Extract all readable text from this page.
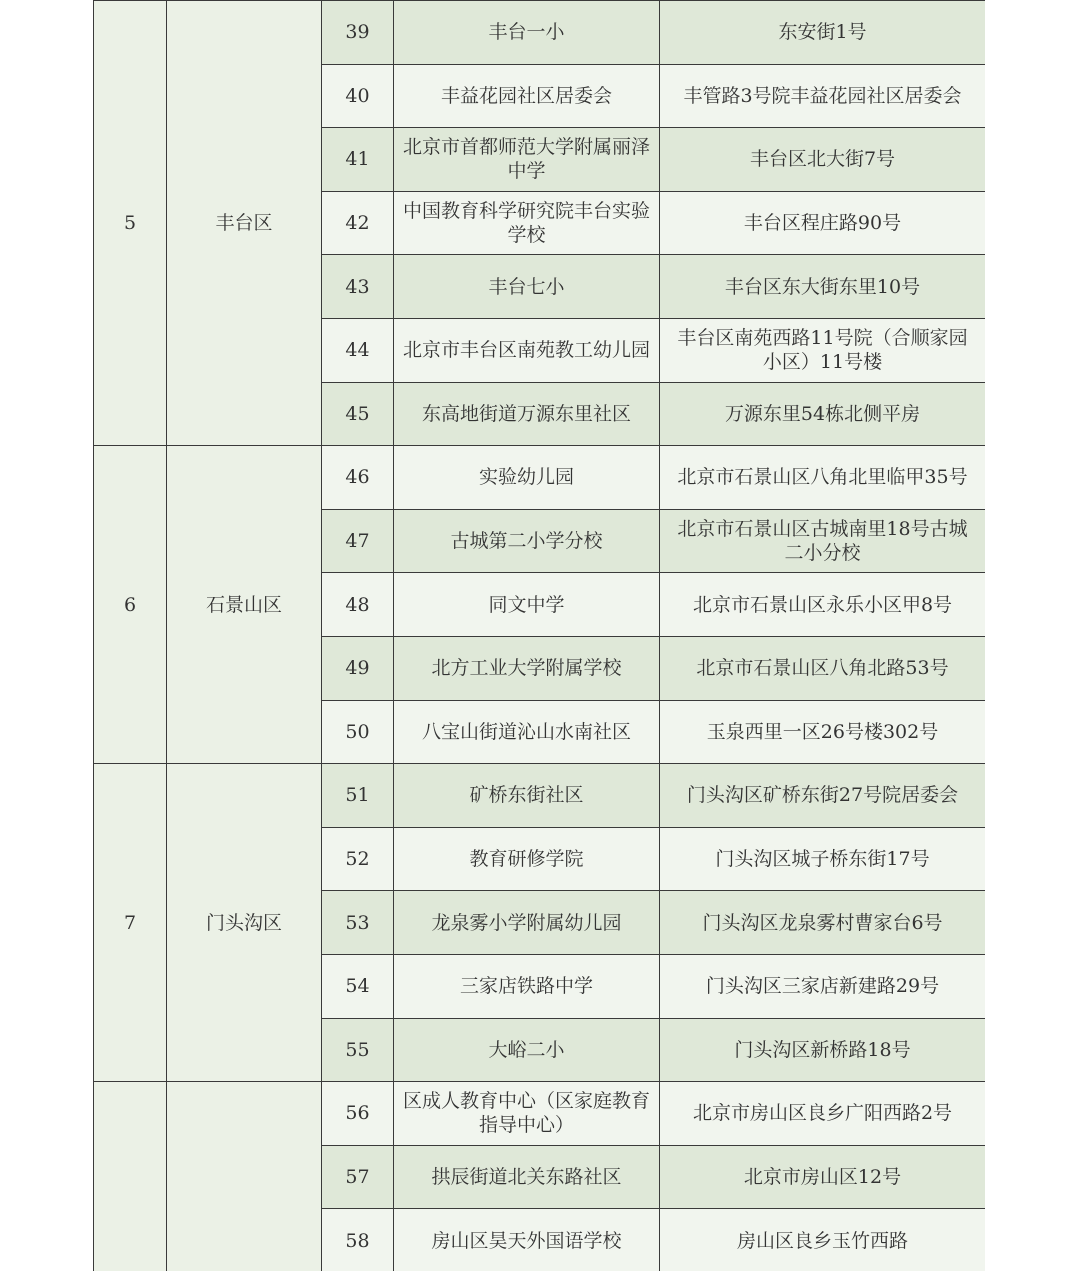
5	丰台区	39	丰台一小	东安街1号
		40	丰益花园社区居委会	丰管路3号院丰益花园社区居委会
		41	北京市首都师范大学附属丽泽中学	丰台区北大街7号
		42	中国教育科学研究院丰台实验学校	丰台区程庄路90号
		43	丰台七小	丰台区东大街东里10号
		44	北京市丰台区南苑教工幼儿园	丰台区南苑西路11号院（合顺家园小区）11号楼
		45	东高地街道万源东里社区	万源东里54栋北侧平房
6	石景山区	46	实验幼儿园	北京市石景山区八角北里临甲35号
		47	古城第二小学分校	北京市石景山区古城南里18号古城二小分校
		48	同文中学	北京市石景山区永乐小区甲8号
		49	北方工业大学附属学校	北京市石景山区八角北路53号
		50	八宝山街道沁山水南社区	玉泉西里一区26号楼302号
7	门头沟区	51	矿桥东街社区	门头沟区矿桥东街27号院居委会
		52	教育研修学院	门头沟区城子桥东街17号
		53	龙泉雾小学附属幼儿园	门头沟区龙泉雾村曹家台6号
		54	三家店铁路中学	门头沟区三家店新建路29号
		55	大峪二小	门头沟区新桥路18号
		56	区成人教育中心（区家庭教育指导中心）	北京市房山区良乡广阳西路2号
		57	拱辰街道北关东路社区	北京市房山区12号
		58	房山区昊天外国语学校	房山区良乡玉竹西路
